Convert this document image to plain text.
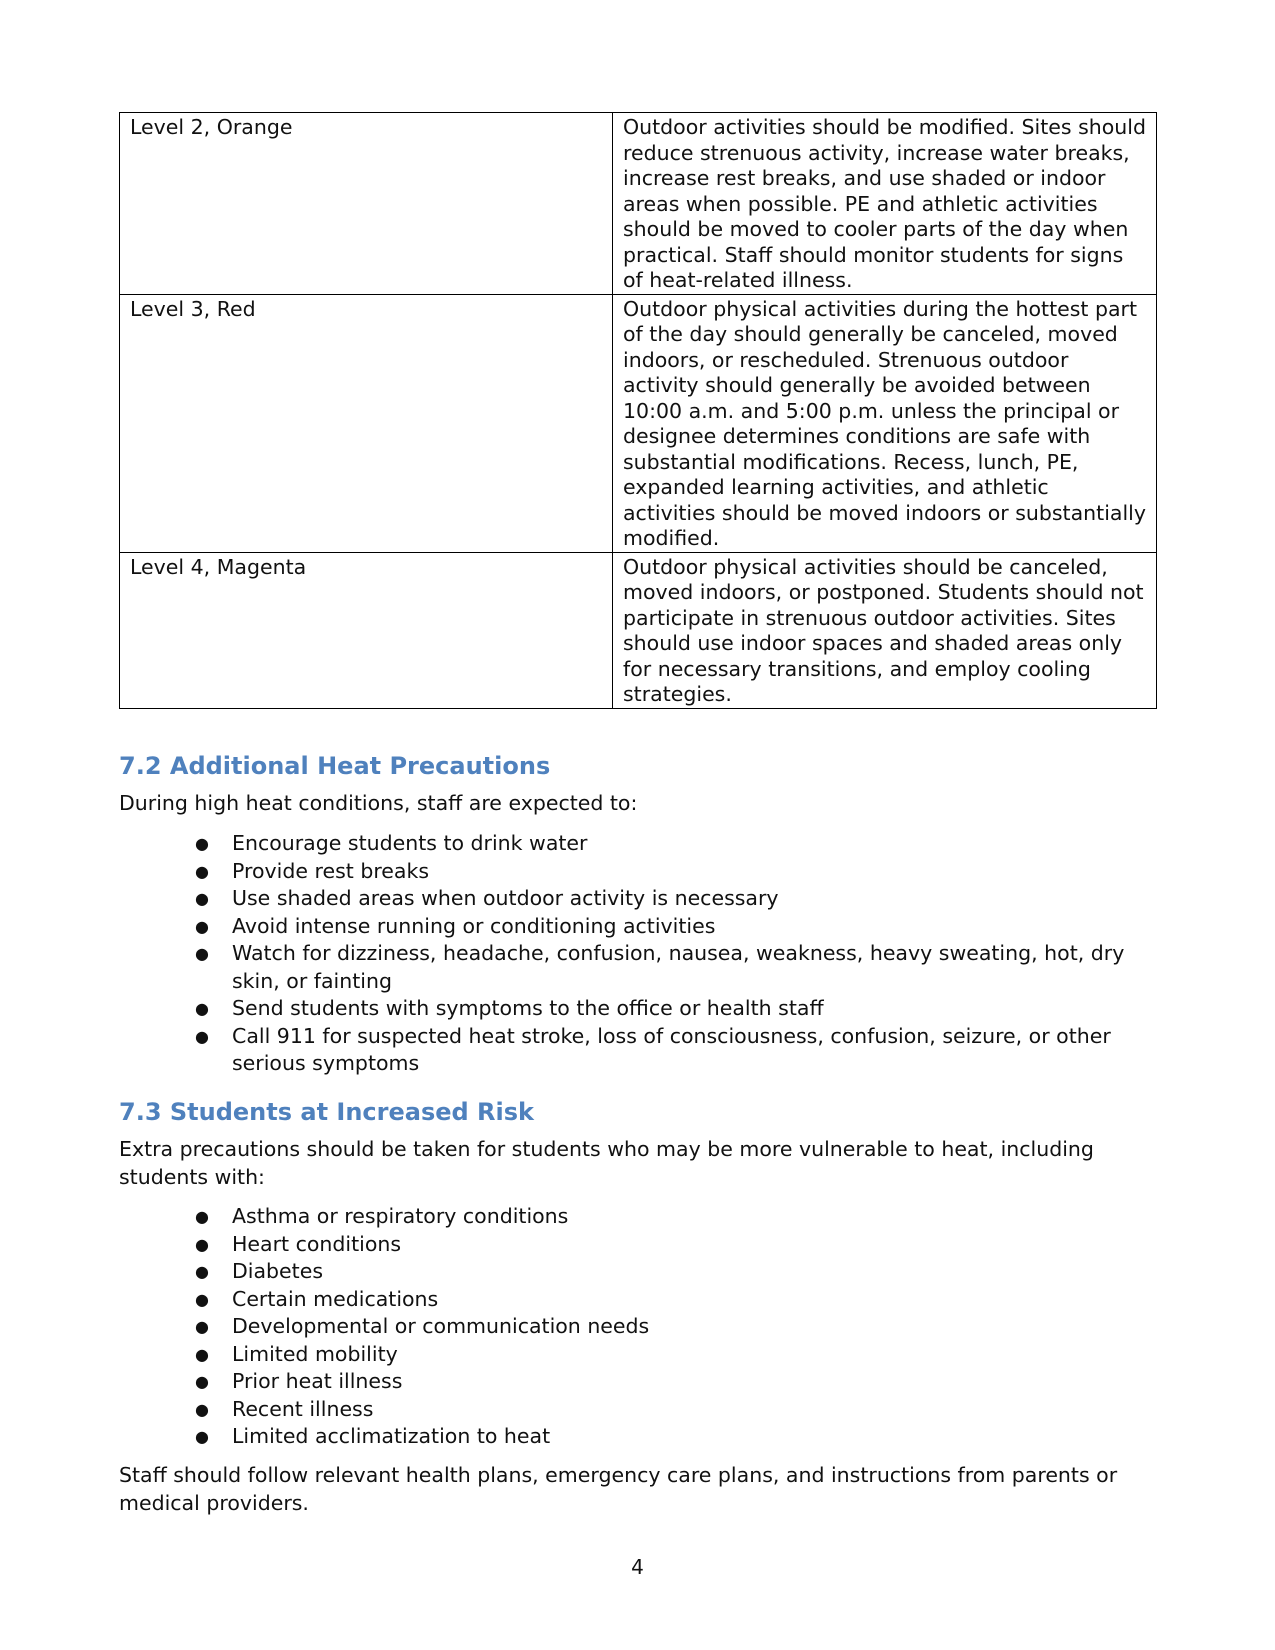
Level 2, Orange	Outdoor activities should be modified. Sites should reduce strenuous activity, increase water breaks, increase rest breaks, and use shaded or indoor areas when possible. PE and athletic activities should be moved to cooler parts of the day when practical. Staff should monitor students for signs of heat-related illness.
Level 3, Red	Outdoor physical activities during the hottest part of the day should generally be canceled, moved indoors, or rescheduled. Strenuous outdoor activity should generally be avoided between 10:00 a.m. and 5:00 p.m. unless the principal or designee determines conditions are safe with substantial modifications. Recess, lunch, PE, expanded learning activities, and athletic activities should be moved indoors or substantially modified.
Level 4, Magenta	Outdoor physical activities should be canceled, moved indoors, or postponed. Students should not participate in strenuous outdoor activities. Sites should use indoor spaces and shaded areas only for necessary transitions, and employ cooling strategies.
7.2 Additional Heat Precautions

During high heat conditions, staff are expected to:

● Encourage students to drink water
● Provide rest breaks
● Use shaded areas when outdoor activity is necessary
● Avoid intense running or conditioning activities
● Watch for dizziness, headache, confusion, nausea, weakness, heavy sweating, hot, dry skin, or fainting
● Send students with symptoms to the office or health staff
● Call 911 for suspected heat stroke, loss of consciousness, confusion, seizure, or other serious symptoms
7.3 Students at Increased Risk

Extra precautions should be taken for students who may be more vulnerable to heat, including students with:

● Asthma or respiratory conditions
● Heart conditions
● Diabetes
● Certain medications
● Developmental or communication needs
● Limited mobility
● Prior heat illness
● Recent illness
● Limited acclimatization to heat

Staff should follow relevant health plans, emergency care plans, and instructions from parents or medical providers.

4
